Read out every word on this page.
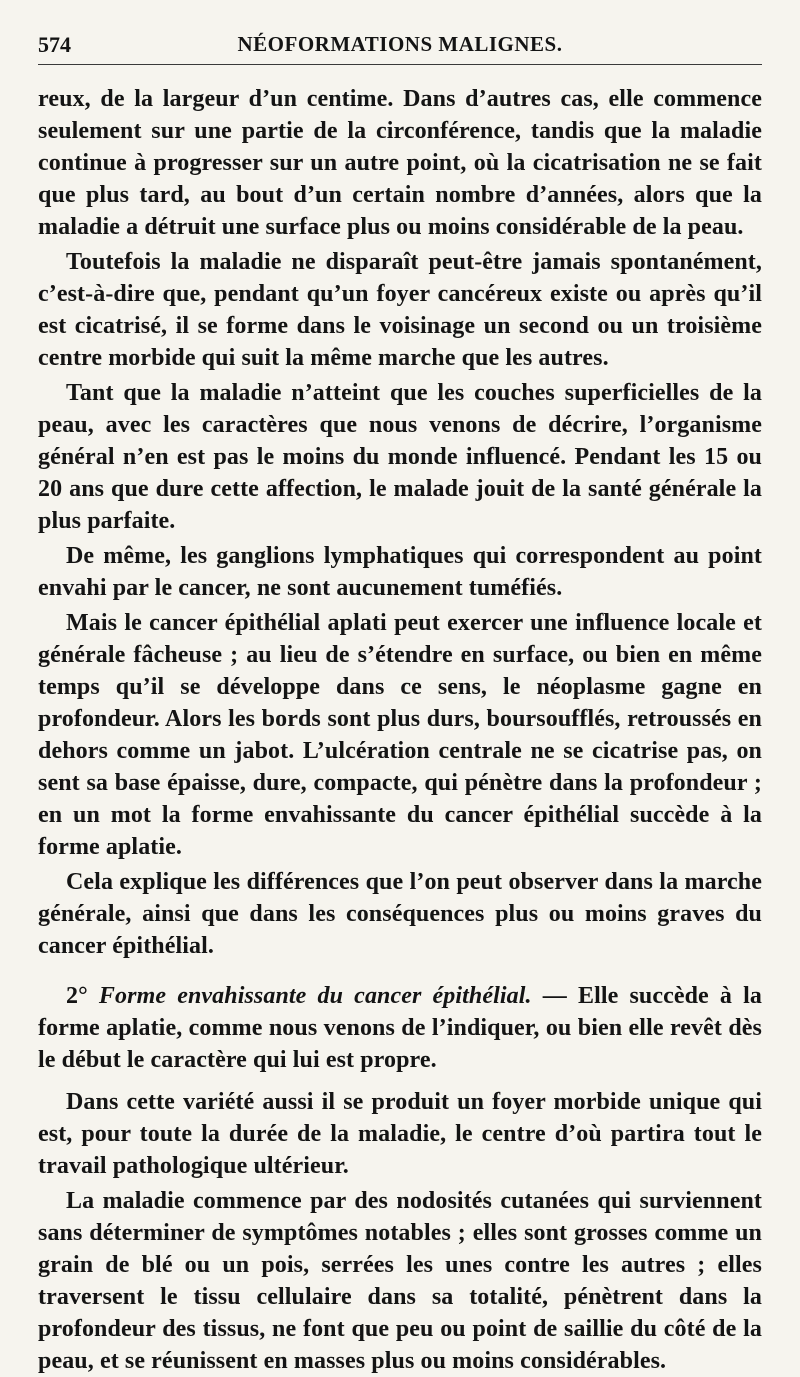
574	NÉOFORMATIONS MALIGNES.

reux, de la largeur d’un centime. Dans d’autres cas, elle commence seulement sur une partie de la circonférence, tandis que la maladie continue à progresser sur un autre point, où la cicatrisation ne se fait que plus tard, au bout d’un certain nombre d’années, alors que la maladie a détruit une surface plus ou moins considérable de la peau.

Toutefois la maladie ne disparaît peut-être jamais spontanément, c’est-à-dire que, pendant qu’un foyer cancéreux existe ou après qu’il est cicatrisé, il se forme dans le voisinage un second ou un troisième centre morbide qui suit la même marche que les autres.

Tant que la maladie n’atteint que les couches superficielles de la peau, avec les caractères que nous venons de décrire, l’organisme général n’en est pas le moins du monde influencé. Pendant les 15 ou 20 ans que dure cette affection, le malade jouit de la santé générale la plus parfaite.

De même, les ganglions lymphatiques qui correspondent au point envahi par le cancer, ne sont aucunement tuméfiés.

Mais le cancer épithélial aplati peut exercer une influence locale et générale fâcheuse ; au lieu de s’étendre en surface, ou bien en même temps qu’il se développe dans ce sens, le néoplasme gagne en profondeur. Alors les bords sont plus durs, boursoufflés, retroussés en dehors comme un jabot. L’ulcération centrale ne se cicatrise pas, on sent sa base épaisse, dure, compacte, qui pénètre dans la profondeur ; en un mot la forme envahissante du cancer épithélial succède à la forme aplatie.

Cela explique les différences que l’on peut observer dans la marche générale, ainsi que dans les conséquences plus ou moins graves du cancer épithélial.

2° Forme envahissante du cancer épithélial. — Elle succède à la forme aplatie, comme nous venons de l’indiquer, ou bien elle revêt dès le début le caractère qui lui est propre.

Dans cette variété aussi il se produit un foyer morbide unique qui est, pour toute la durée de la maladie, le centre d’où partira tout le travail pathologique ultérieur.

La maladie commence par des nodosités cutanées qui surviennent sans déterminer de symptômes notables ; elles sont grosses comme un grain de blé ou un pois, serrées les unes contre les autres ; elles traversent le tissu cellulaire dans sa totalité, pénètrent dans la profondeur des tissus, ne font que peu ou point de saillie du côté de la peau, et se réunissent en masses plus ou moins considérables.
